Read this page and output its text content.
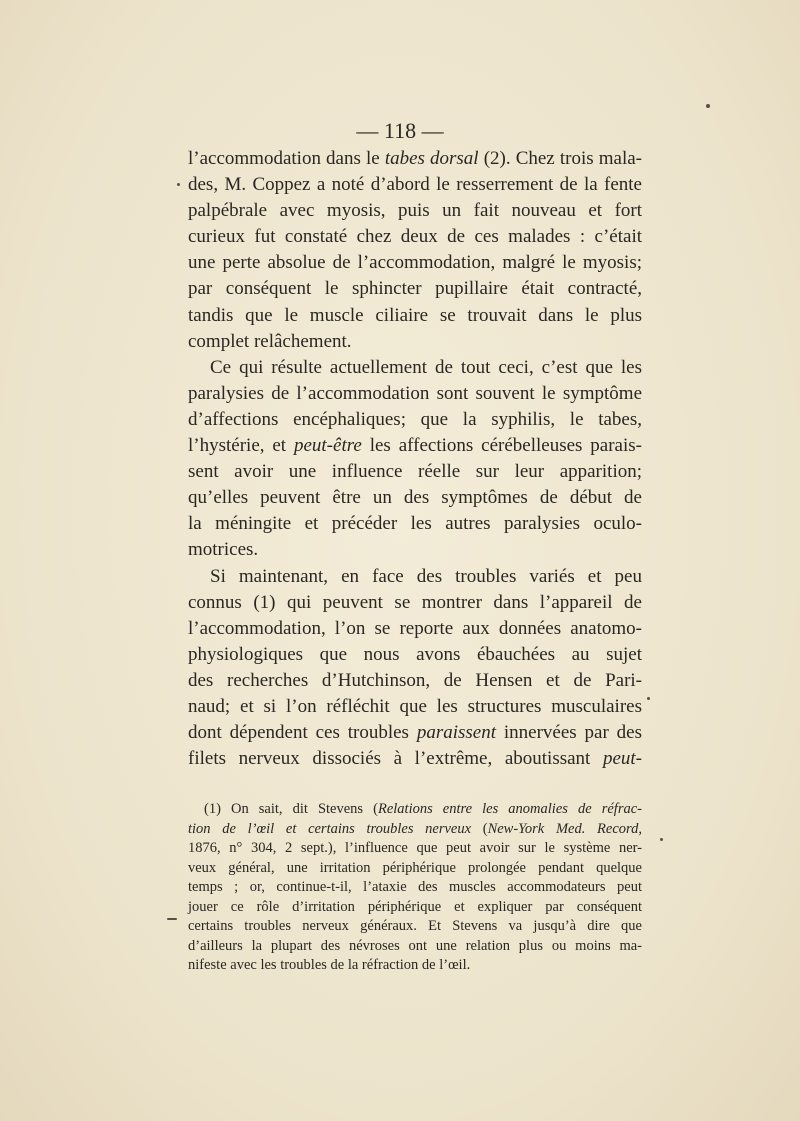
— 118 —
l’accommodation dans le tabes dorsal (2). Chez trois mala-
des, M. Coppez a noté d’abord le resserrement de la fente
palpébrale avec myosis, puis un fait nouveau et fort
curieux fut constaté chez deux de ces malades : c’était
une perte absolue de l’accommodation, malgré le myosis;
par conséquent le sphincter pupillaire était contracté,
tandis que le muscle ciliaire se trouvait dans le plus
complet relâchement.
Ce qui résulte actuellement de tout ceci, c’est que les
paralysies de l’accommodation sont souvent le symptôme
d’affections encéphaliques; que la syphilis, le tabes,
l’hystérie, et peut-être les affections cérébelleuses parais-
sent avoir une influence réelle sur leur apparition;
qu’elles peuvent être un des symptômes de début de
la méningite et précéder les autres paralysies oculo-
motrices.
Si maintenant, en face des troubles variés et peu
connus (1) qui peuvent se montrer dans l’appareil de
l’accommodation, l’on se reporte aux données anatomo-
physiologiques que nous avons ébauchées au sujet
des recherches d’Hutchinson, de Hensen et de Pari-
naud; et si l’on réfléchit que les structures musculaires
dont dépendent ces troubles paraissent innervées par des
filets nerveux dissociés à l’extrême, aboutissant peut-
(1) On sait, dit Stevens (Relations entre les anomalies de réfrac-
tion de l’œil et certains troubles nerveux (New-York Med. Record,
1876, n° 304, 2 sept.), l’influence que peut avoir sur le système ner-
veux général, une irritation périphérique prolongée pendant quelque
temps ; or, continue-t-il, l’ataxie des muscles accommodateurs peut
jouer ce rôle d’irritation périphérique et expliquer par conséquent
certains troubles nerveux généraux. Et Stevens va jusqu’à dire que
d’ailleurs la plupart des névroses ont une relation plus ou moins ma-
nifeste avec les troubles de la réfraction de l’œil.
